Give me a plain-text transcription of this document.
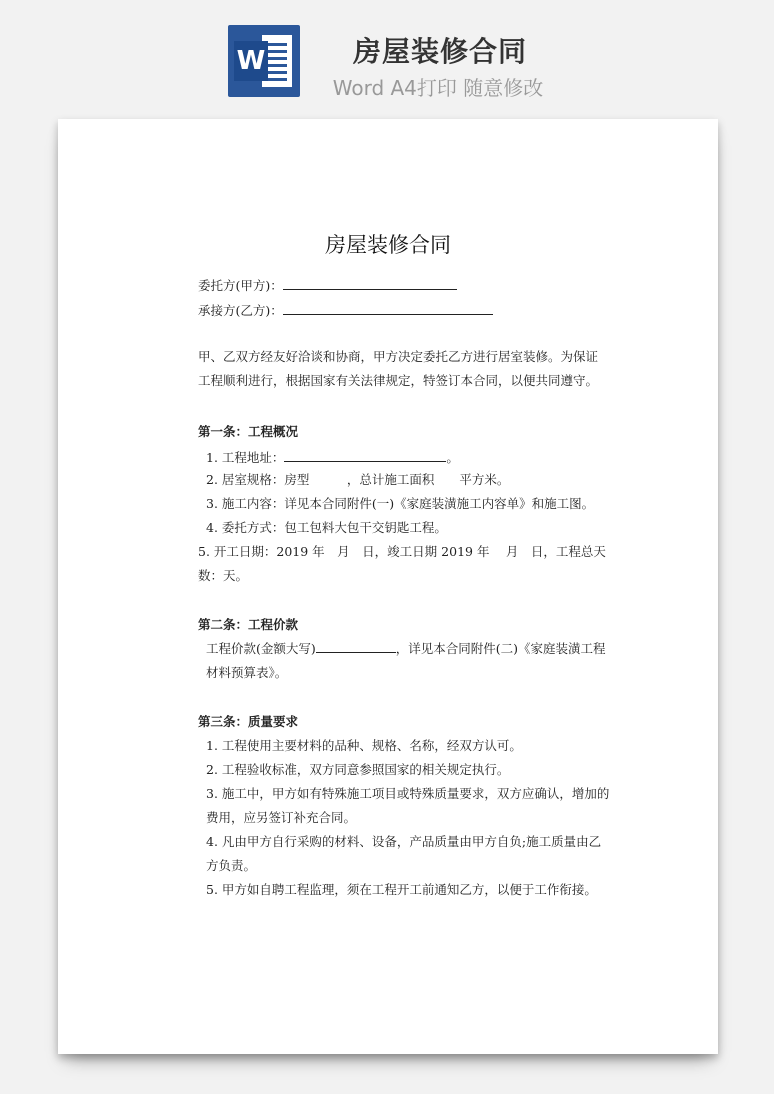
W	房屋装修合同
Word A4打印 随意修改
房屋装修合同
委托方(甲方)：
承接方(乙方)：
甲、乙双方经友好洽谈和协商，甲方决定委托乙方进行居室装修。为保证工程顺利进行，根据国家有关法律规定，特签订本合同，以便共同遵守。
第一条：工程概况
1. 工程地址：	。
2. 居室规格：房型　　　，总计施工面积　　平方米。
3. 施工内容：详见本合同附件(一)《家庭装潢施工内容单》和施工图。
4. 委托方式：包工包料大包干交钥匙工程。
5. 开工日期：2019 年　月　日，竣工日期 2019 年　 月　日，工程总天数：天。
第二条：工程价款
工程价款(金额大写)	，详见本合同附件(二)《家庭装潢工程材料预算表》。
第三条：质量要求
1. 工程使用主要材料的品种、规格、名称，经双方认可。
2. 工程验收标准，双方同意参照国家的相关规定执行。
3. 施工中，甲方如有特殊施工项目或特殊质量要求，双方应确认，增加的费用，应另签订补充合同。
4. 凡由甲方自行采购的材料、设备，产品质量由甲方自负;施工质量由乙方负责。
5. 甲方如自聘工程监理，须在工程开工前通知乙方，以便于工作衔接。
